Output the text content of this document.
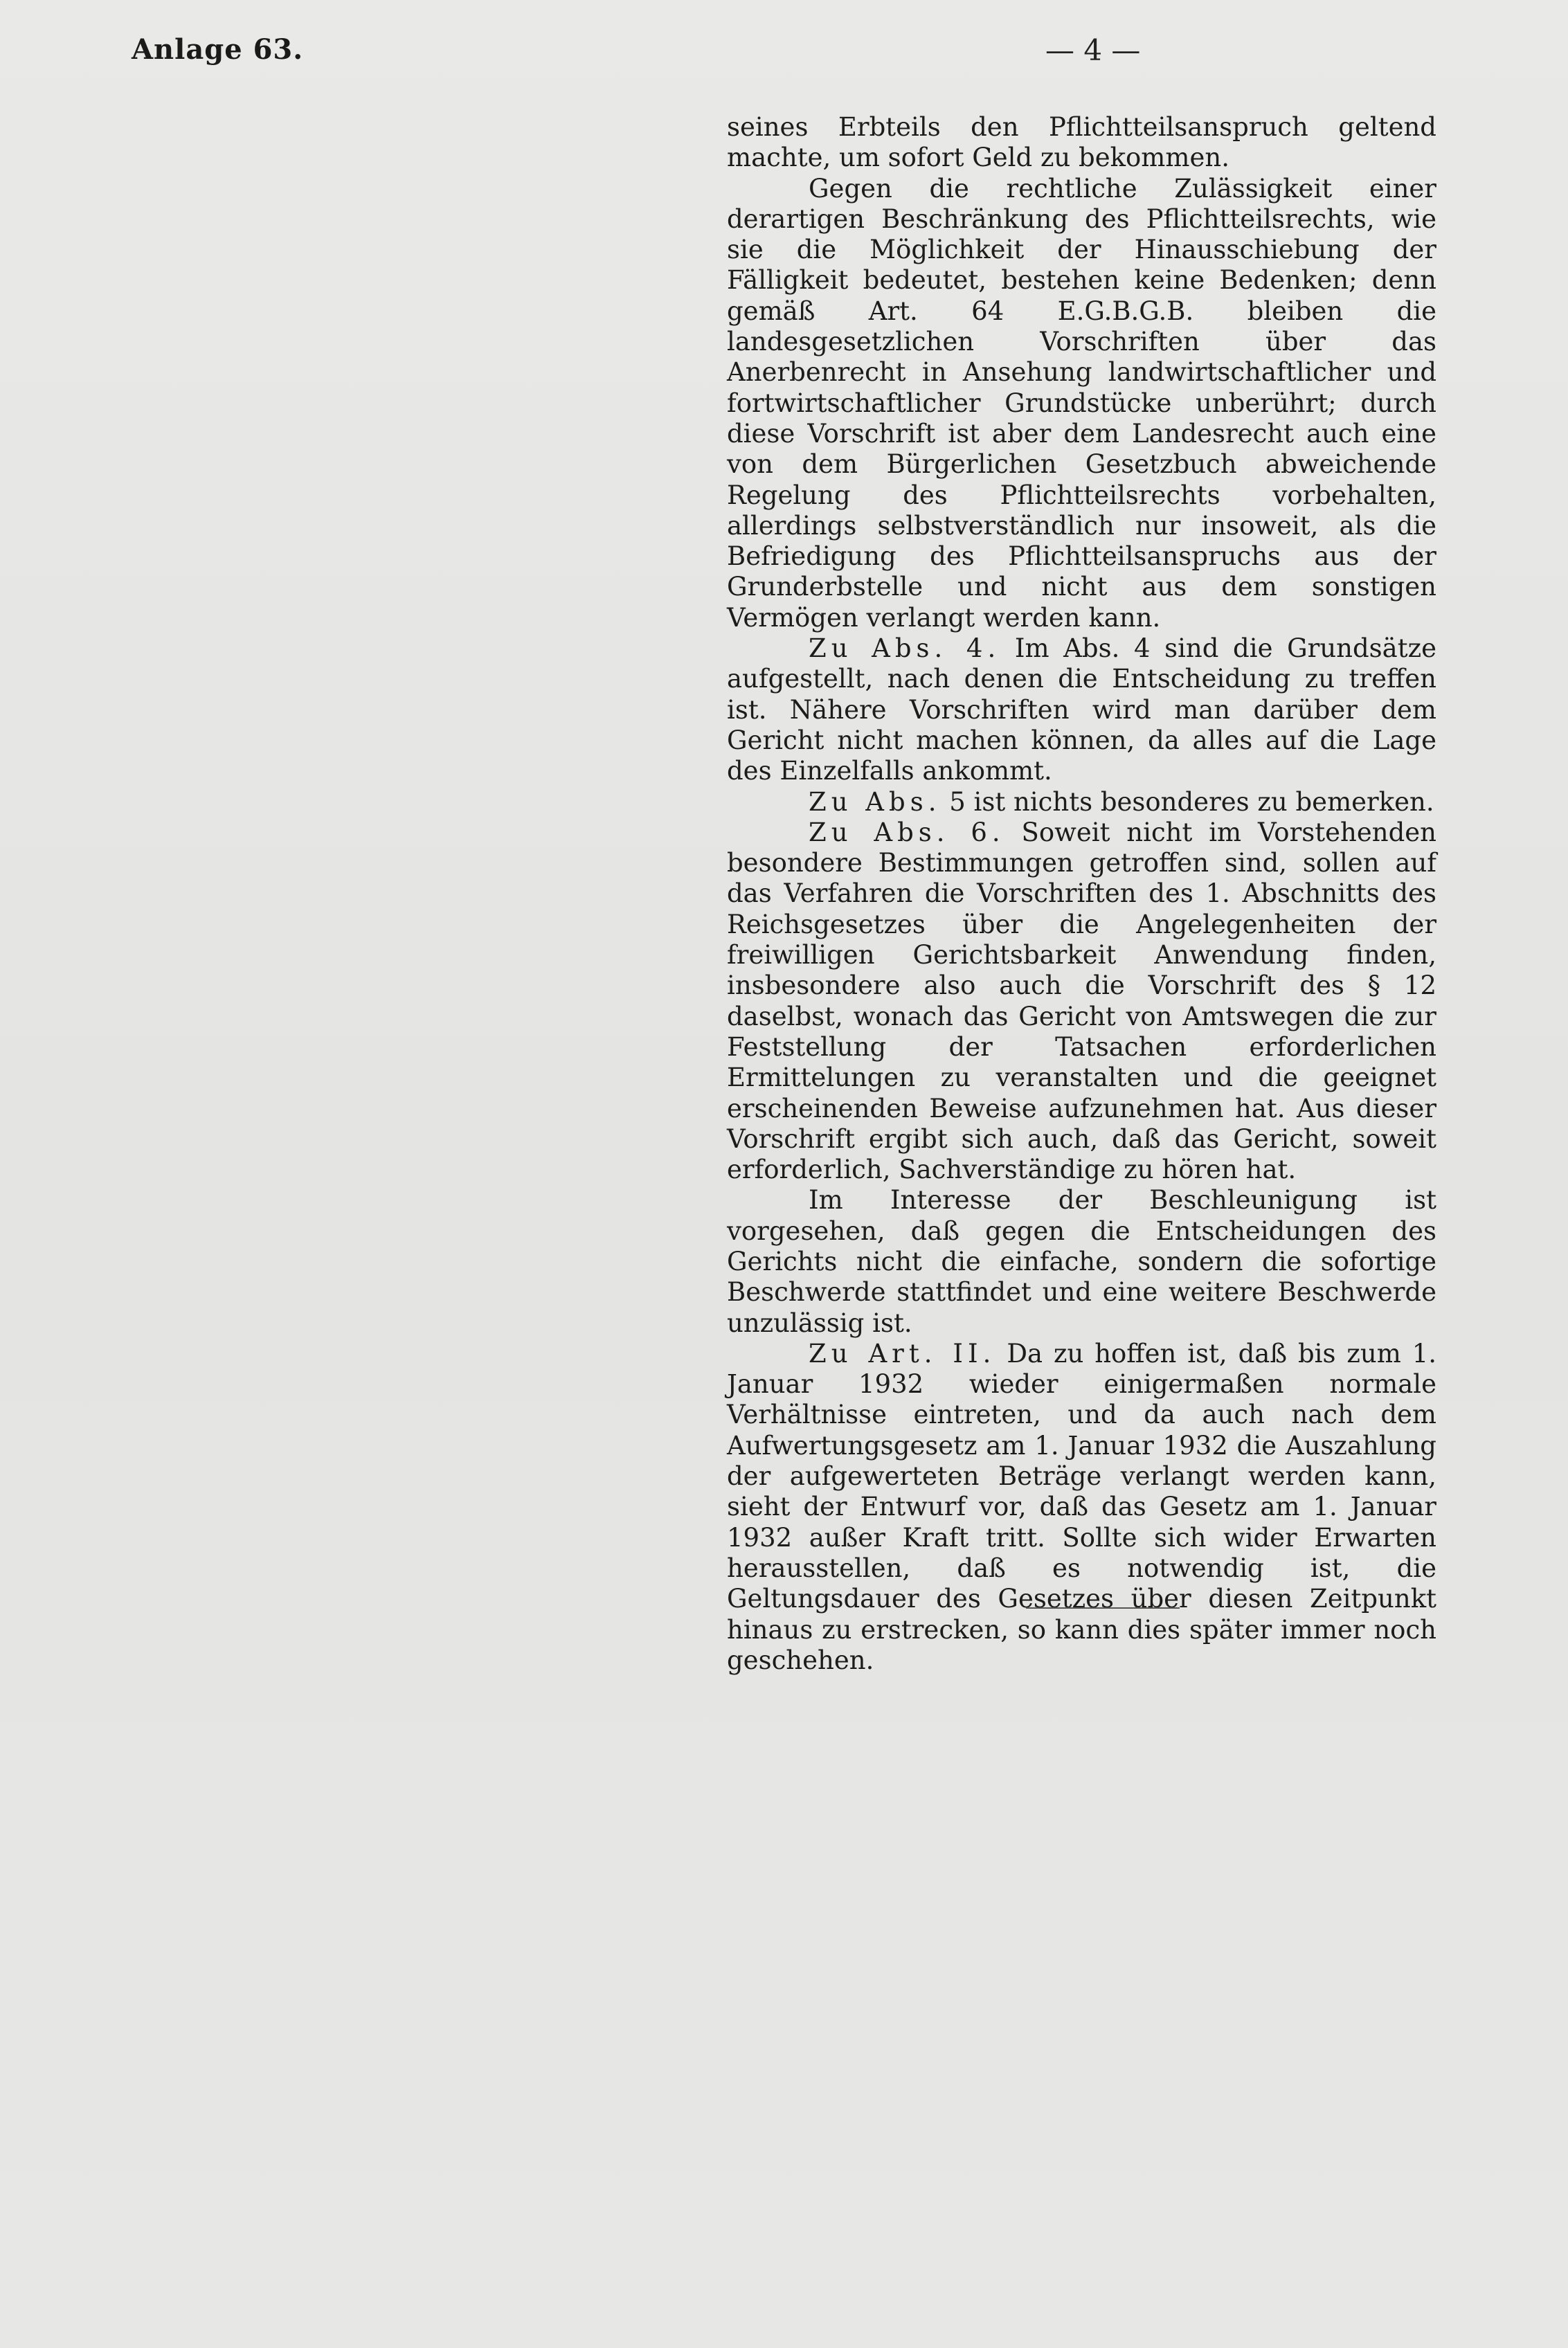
Anlage 63.	— 4 —

seines Erbteils den Pflichtteilsanspruch geltend machte, um sofort Geld zu bekommen.

Gegen die rechtliche Zulässigkeit einer derartigen Beschränkung des Pflichtteilsrechts, wie sie die Möglichkeit der Hinausschiebung der Fälligkeit bedeutet, bestehen keine Bedenken; denn gemäß Art. 64 E.G.B.G.B. bleiben die landesgesetzlichen Vorschriften über das Anerbenrecht in Ansehung landwirtschaftlicher und fortwirtschaftlicher Grundstücke unberührt; durch diese Vorschrift ist aber dem Landesrecht auch eine von dem Bürgerlichen Gesetzbuch abweichende Regelung des Pflichtteilsrechts vorbehalten, allerdings selbstverständlich nur insoweit, als die Befriedigung des Pflichtteilsanspruchs aus der Grunderbstelle und nicht aus dem sonstigen Vermögen verlangt werden kann.

Zu Abs. 4. Im Abs. 4 sind die Grundsätze aufgestellt, nach denen die Entscheidung zu treffen ist. Nähere Vorschriften wird man darüber dem Gericht nicht machen können, da alles auf die Lage des Einzelfalls ankommt.

Zu Abs. 5 ist nichts besonderes zu bemerken.

Zu Abs. 6. Soweit nicht im Vorstehenden besondere Bestimmungen getroffen sind, sollen auf das Verfahren die Vorschriften des 1. Abschnitts des Reichsgesetzes über die Angelegenheiten der freiwilligen Gerichtsbarkeit Anwendung finden, insbesondere also auch die Vorschrift des § 12 daselbst, wonach das Gericht von Amtswegen die zur Feststellung der Tatsachen erforderlichen Ermittelungen zu veranstalten und die geeignet erscheinenden Beweise aufzunehmen hat. Aus dieser Vorschrift ergibt sich auch, daß das Gericht, soweit erforderlich, Sachverständige zu hören hat.

Im Interesse der Beschleunigung ist vorgesehen, daß gegen die Entscheidungen des Gerichts nicht die einfache, sondern die sofortige Beschwerde stattfindet und eine weitere Beschwerde unzulässig ist.

Zu Art. II. Da zu hoffen ist, daß bis zum 1. Januar 1932 wieder einigermaßen normale Verhältnisse eintreten, und da auch nach dem Aufwertungsgesetz am 1. Januar 1932 die Auszahlung der aufgewerteten Beträge verlangt werden kann, sieht der Entwurf vor, daß das Gesetz am 1. Januar 1932 außer Kraft tritt. Sollte sich wider Erwarten herausstellen, daß es notwendig ist, die Geltungsdauer des Gesetzes über diesen Zeitpunkt hinaus zu erstrecken, so kann dies später immer noch geschehen.
